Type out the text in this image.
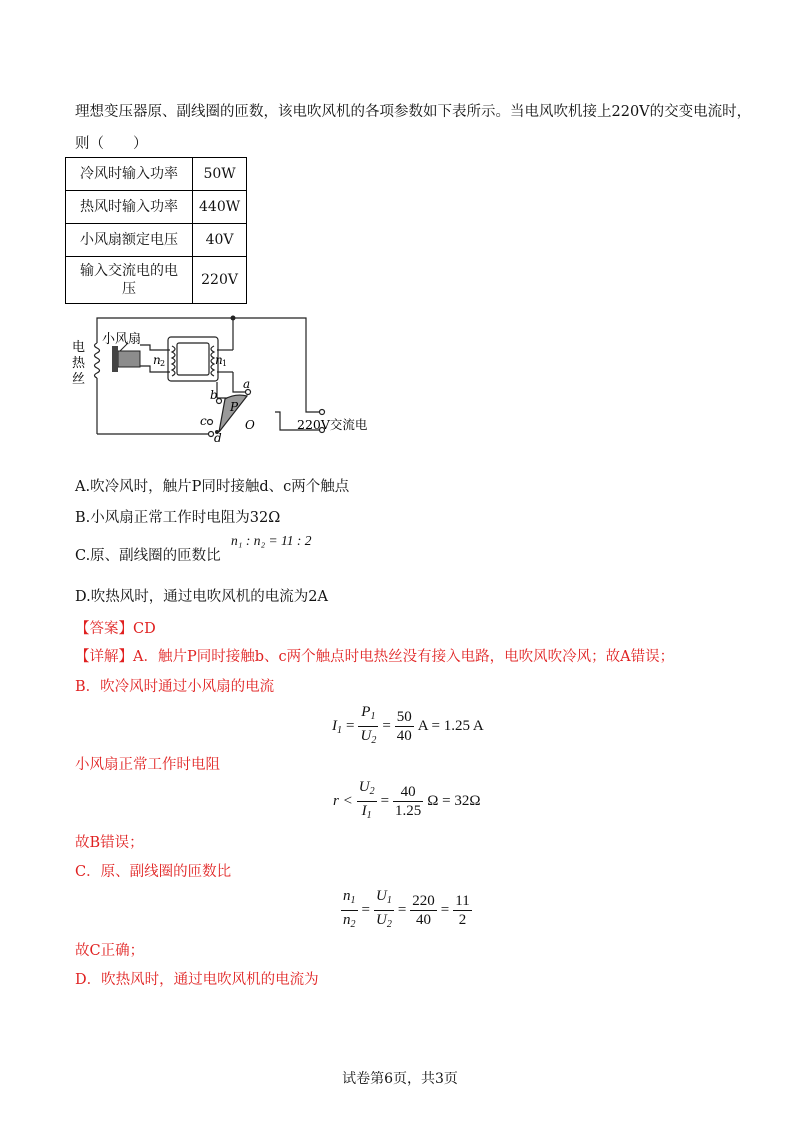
理想变压器原、副线圈的匝数，该电吹风机的各项参数如下表所示。当电风吹机接上220V的交变电流时，
则（　　）
冷风时输入功率	50W
热风时输入功率	440W
小风扇额定电压	40V
输入交流电的电
压	220V
小风扇
电
热
丝
n 2	n 1
a
b
c
d
P
O	220V交流电
A.吹冷风时，触片P同时接触d、c两个触点
B.小风扇正常工作时电阻为32Ω
C.原、副线圈的匝数比
n₁ : n₂ = 11 : 2
D.吹热风时，通过电吹风机的电流为2A
【答案】CD
【详解】A．触片P同时接触b、c两个触点时电热丝没有接入电路，电吹风吹冷风；故A错误；
B．吹冷风时通过小风扇的电流
$I_1 = \frac{P_1}{U_2} = \frac{50}{40}$ A = 1.25 A
小风扇正常工作时电阻
$r < \frac{U_2}{I_1} = \frac{40}{1.25}$ Ω = 32Ω
故B错误；
C．原、副线圈的匝数比
$\frac{n_1}{n_2} = \frac{U_1}{U_2} = \frac{220}{40} = \frac{11}{2}$
故C正确；
D．吹热风时，通过电吹风机的电流为
试卷第6页，共3页
